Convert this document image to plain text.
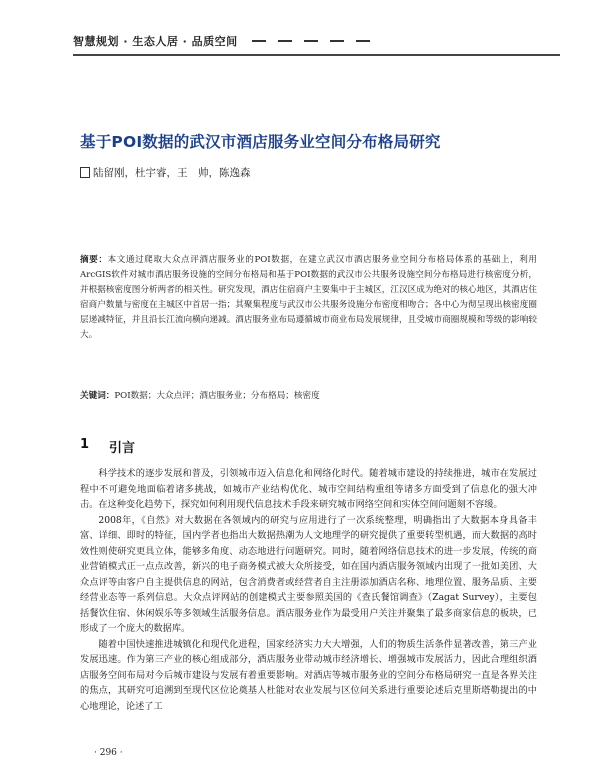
智慧规划 · 生态人居 · 品质空间
基于POI数据的武汉市酒店服务业空间分布格局研究
陆留刚，杜宇睿，王　帅，陈逸森
摘要：本文通过爬取大众点评酒店服务业的POI数据，在建立武汉市酒店服务业空间分布格局体系的基础上，利用ArcGIS软件对城市酒店服务设施的空间分布格局和基于POI数据的武汉市公共服务设施空间分布格局进行核密度分析，并根据核密度图分析两者的相关性。研究发现，酒店住宿商户主要集中于主城区，江汉区成为绝对的核心地区，其酒店住宿商户数量与密度在主城区中首居一指；其聚集程度与武汉市公共服务设施分布密度相吻合；各中心为彻呈现出核密度圈层递减特征，并且沿长江流向横向递减。酒店服务业布局遵循城市商业布局发展规律，且受城市商圈规模和等级的影响较大。
关键词：POI数据；大众点评；酒店服务业；分布格局；核密度
1 引言

科学技术的逐步发展和普及，引领城市迈入信息化和网络化时代。随着城市建设的持续推进，城市在发展过程中不可避免地面临着诸多挑战，如城市产业结构优化、城市空间结构重组等诸多方面受到了信息化的强大冲击。在这种变化趋势下，探究如何利用现代信息技术手段来研究城市网络空间和实体空间问题刻不容缓。

2008年，《自然》对大数据在各领域内的研究与应用进行了一次系统整理，明确指出了大数据本身具备丰富、详细、即时的特征，国内学者也指出大数据热潮为人文地理学的研究提供了重要转型机遇，而大数据的高时效性则使研究更具立体，能够多角度、动态地进行问题研究。同时，随着网络信息技术的进一步发展，传统的商业营销模式正一点点改善，新兴的电子商务模式被大众所接受，如在国内酒店服务领域内出现了一批如美团、大众点评等由客户自主提供信息的网站，包含消费者或经营者自主注册添加酒店名称、地理位置、服务品质、主要经营业态等一系列信息。大众点评网站的创建模式主要参照美国的《查氏餐馆调查》（Zagat Survey），主要包括餐饮住宿、休闲娱乐等多领域生活服务信息。酒店服务业作为最受用户关注并聚集了最多商家信息的板块，已形成了一个庞大的数据库。

随着中国快速推进城镇化和现代化进程，国家经济实力大大增强，人们的物质生活条件显著改善，第三产业发展迅速。作为第三产业的核心组成部分，酒店服务业带动城市经济增长、增强城市发展活力，因此合理组织酒店服务空间布局对今后城市建设与发展有着重要影响。对酒店等城市服务业的空间分布格局研究一直是各界关注的焦点，其研究可追溯到至现代区位论奠基人杜能对农业发展与区位问关系进行重要论述后克里斯塔勒提出的中心地理论，论述了工

· 296 ·
